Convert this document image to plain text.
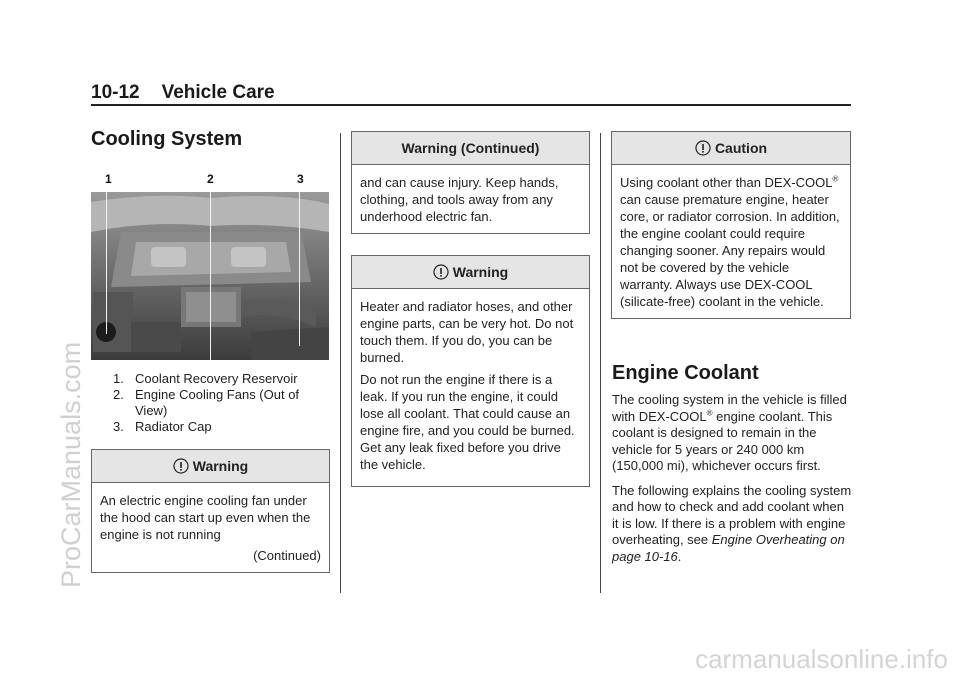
10-12 Vehicle Care
Cooling System
1	2	3
1. Coolant Recovery Reservoir
2. Engine Cooling Fans (Out of View)
3. Radiator Cap
Warning
An electric engine cooling fan under the hood can start up even when the engine is not running
(Continued)
Warning (Continued)
and can cause injury. Keep hands, clothing, and tools away from any underhood electric fan.
Warning

Heater and radiator hoses, and other engine parts, can be very hot. Do not touch them. If you do, you can be burned.

Do not run the engine if there is a leak. If you run the engine, it could lose all coolant. That could cause an engine fire, and you could be burned. Get any leak fixed before you drive the vehicle.

Caution
Using coolant other than DEX-COOL® can cause premature engine, heater core, or radiator corrosion. In addition, the engine coolant could require changing sooner. Any repairs would not be covered by the vehicle warranty. Always use DEX-COOL (silicate-free) coolant in the vehicle.
Engine Coolant

The cooling system in the vehicle is filled with DEX-COOL® engine coolant. This coolant is designed to remain in the vehicle for 5 years or 240 000 km (150,000 mi), whichever occurs first.

The following explains the cooling system and how to check and add coolant when it is low. If there is a problem with engine overheating, see Engine Overheating on page 10-16.

ProCarManuals.com
carmanualsonline.info
